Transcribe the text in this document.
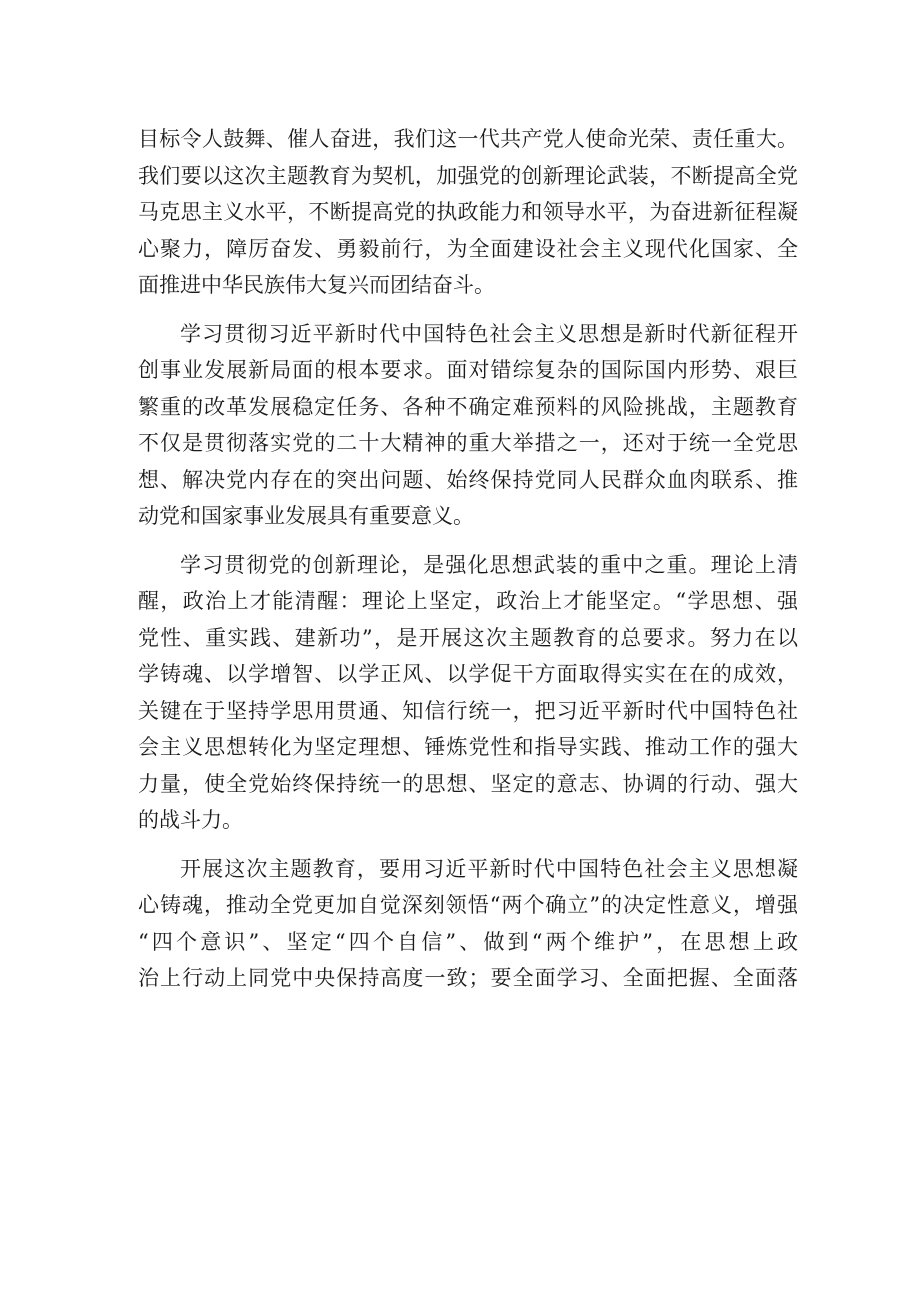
目标令人鼓舞、催人奋进，我们这一代共产党人使命光荣、责任重大。
我们要以这次主题教育为契机，加强党的创新理论武装，不断提高全党
马克思主义水平，不断提高党的执政能力和领导水平，为奋进新征程凝
心聚力，障厉奋发、勇毅前行，为全面建设社会主义现代化国家、全
面推进中华民族伟大复兴而团结奋斗。
学习贯彻习近平新时代中国特色社会主义思想是新时代新征程开
创事业发展新局面的根本要求。面对错综复杂的国际国内形势、艰巨
繁重的改革发展稳定任务、各种不确定难预料的风险挑战，主题教育
不仅是贯彻落实党的二十大精神的重大举措之一，还对于统一全党思
想、解决党内存在的突出问题、始终保持党同人民群众血肉联系、推
动党和国家事业发展具有重要意义。
学习贯彻党的创新理论，是强化思想武装的重中之重。理论上清
醒，政治上才能清醒：理论上坚定，政治上才能坚定。“学思想、强
党性、重实践、建新功”，是开展这次主题教育的总要求。努力在以
学铸魂、以学增智、以学正风、以学促干方面取得实实在在的成效，
关键在于坚持学思用贯通、知信行统一，把习近平新时代中国特色社
会主义思想转化为坚定理想、锤炼党性和指导实践、推动工作的强大
力量，使全党始终保持统一的思想、坚定的意志、协调的行动、强大
的战斗力。
开展这次主题教育，要用习近平新时代中国特色社会主义思想凝
心铸魂，推动全党更加自觉深刻领悟“两个确立”的决定性意义，增强
“四个意识”、坚定“四个自信”、做到“两个维护”，在思想上政
治上行动上同党中央保持高度一致；要全面学习、全面把握、全面落
